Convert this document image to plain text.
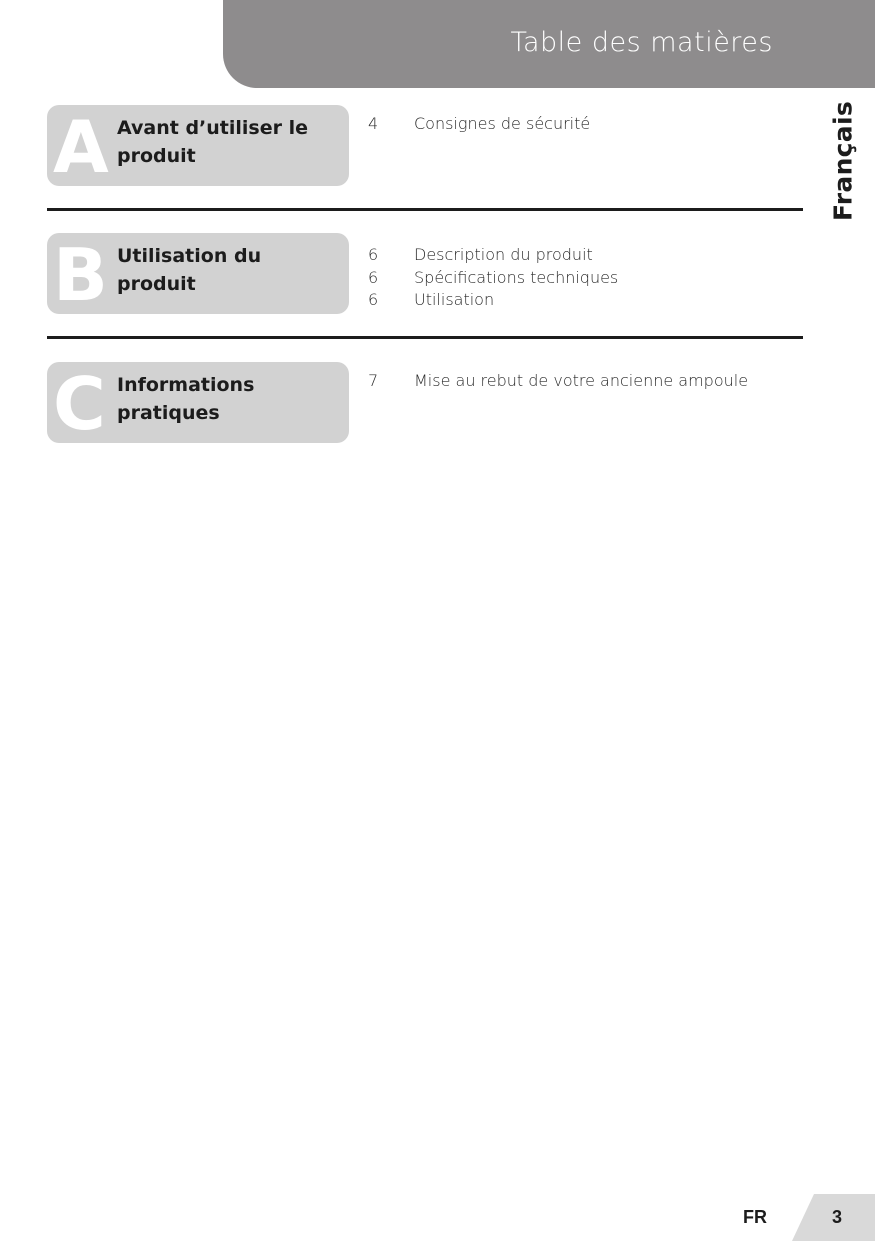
Table des matières
Français
A Avant d’utiliser le produit
4	Consignes de sécurité
B Utilisation du produit
6	Description du produit
6	Spécifications techniques
6	Utilisation
C Informations pratiques
7	Mise au rebut de votre ancienne ampoule
FR	3
